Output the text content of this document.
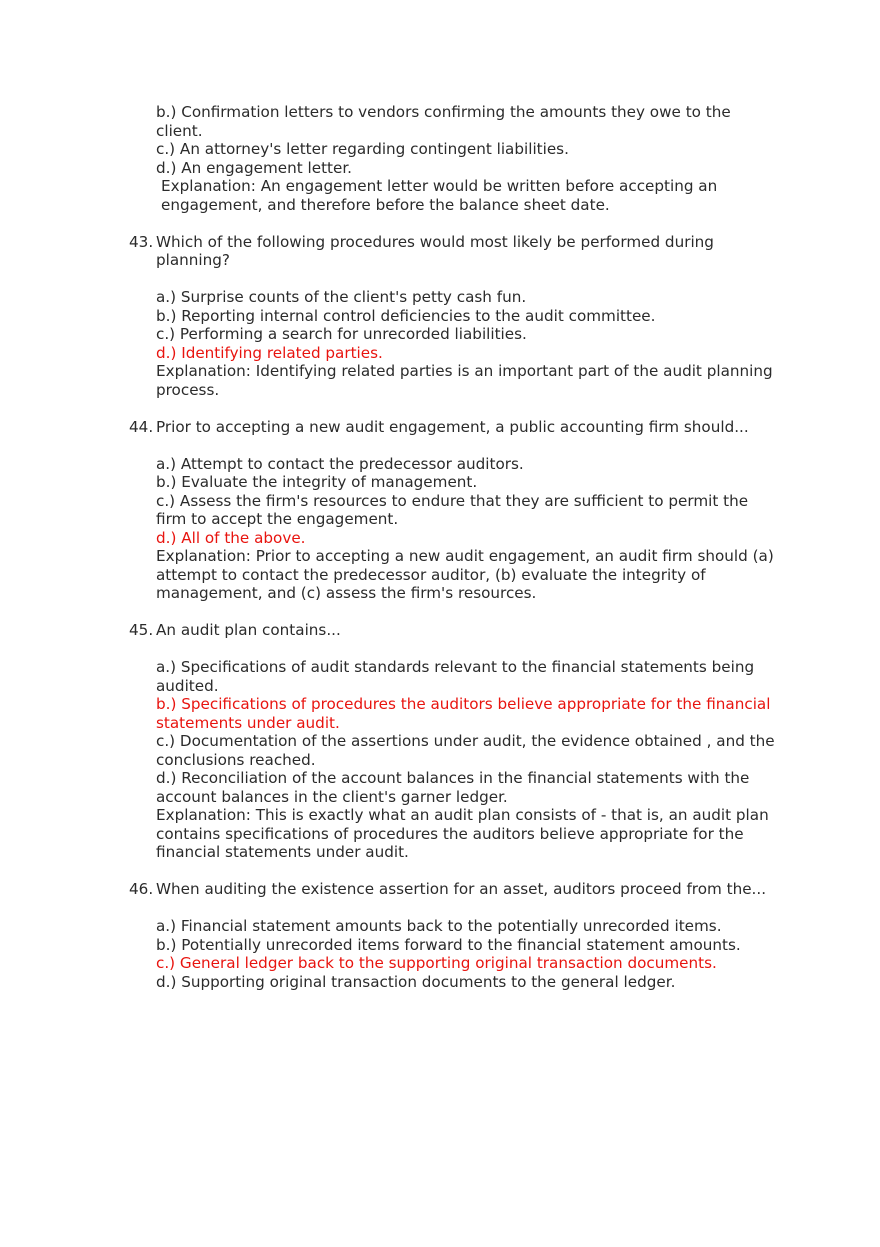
b.) Confirmation letters to vendors confirming the amounts they owe to the client.
c.) An attorney's letter regarding contingent liabilities.
d.) An engagement letter.
Explanation: An engagement letter would be written before accepting an engagement, and therefore before the balance sheet date.
43. Which of the following procedures would most likely be performed during planning?
a.) Surprise counts of the client's petty cash fun.
b.) Reporting internal control deficiencies to the audit committee.
c.) Performing a search for unrecorded liabilities.
d.) Identifying related parties.
Explanation: Identifying related parties is an important part of the audit planning process.
44. Prior to accepting a new audit engagement, a public accounting firm should...
a.) Attempt to contact the predecessor auditors.
b.) Evaluate the integrity of management.
c.) Assess the firm's resources to endure that they are sufficient to permit the firm to accept the engagement.
d.) All of the above.
Explanation: Prior to accepting a new audit engagement, an audit firm should (a) attempt to contact the predecessor auditor, (b) evaluate the integrity of management, and (c) assess the firm's resources.
45. An audit plan contains...
a.) Specifications of audit standards relevant to the financial statements being audited.
b.) Specifications of procedures the auditors believe appropriate for the financial statements under audit.
c.) Documentation of the assertions under audit, the evidence obtained , and the conclusions reached.
d.) Reconciliation of the account balances in the financial statements with the account balances in the client's garner ledger.
Explanation: This is exactly what an audit plan consists of - that is, an audit plan contains specifications of procedures the auditors believe appropriate for the financial statements under audit.
46. When auditing the existence assertion for an asset, auditors proceed from the...
a.) Financial statement amounts back to the potentially unrecorded items.
b.) Potentially unrecorded items forward to the financial statement amounts.
c.) General ledger back to the supporting original transaction documents.
d.) Supporting original transaction documents to the general ledger.
